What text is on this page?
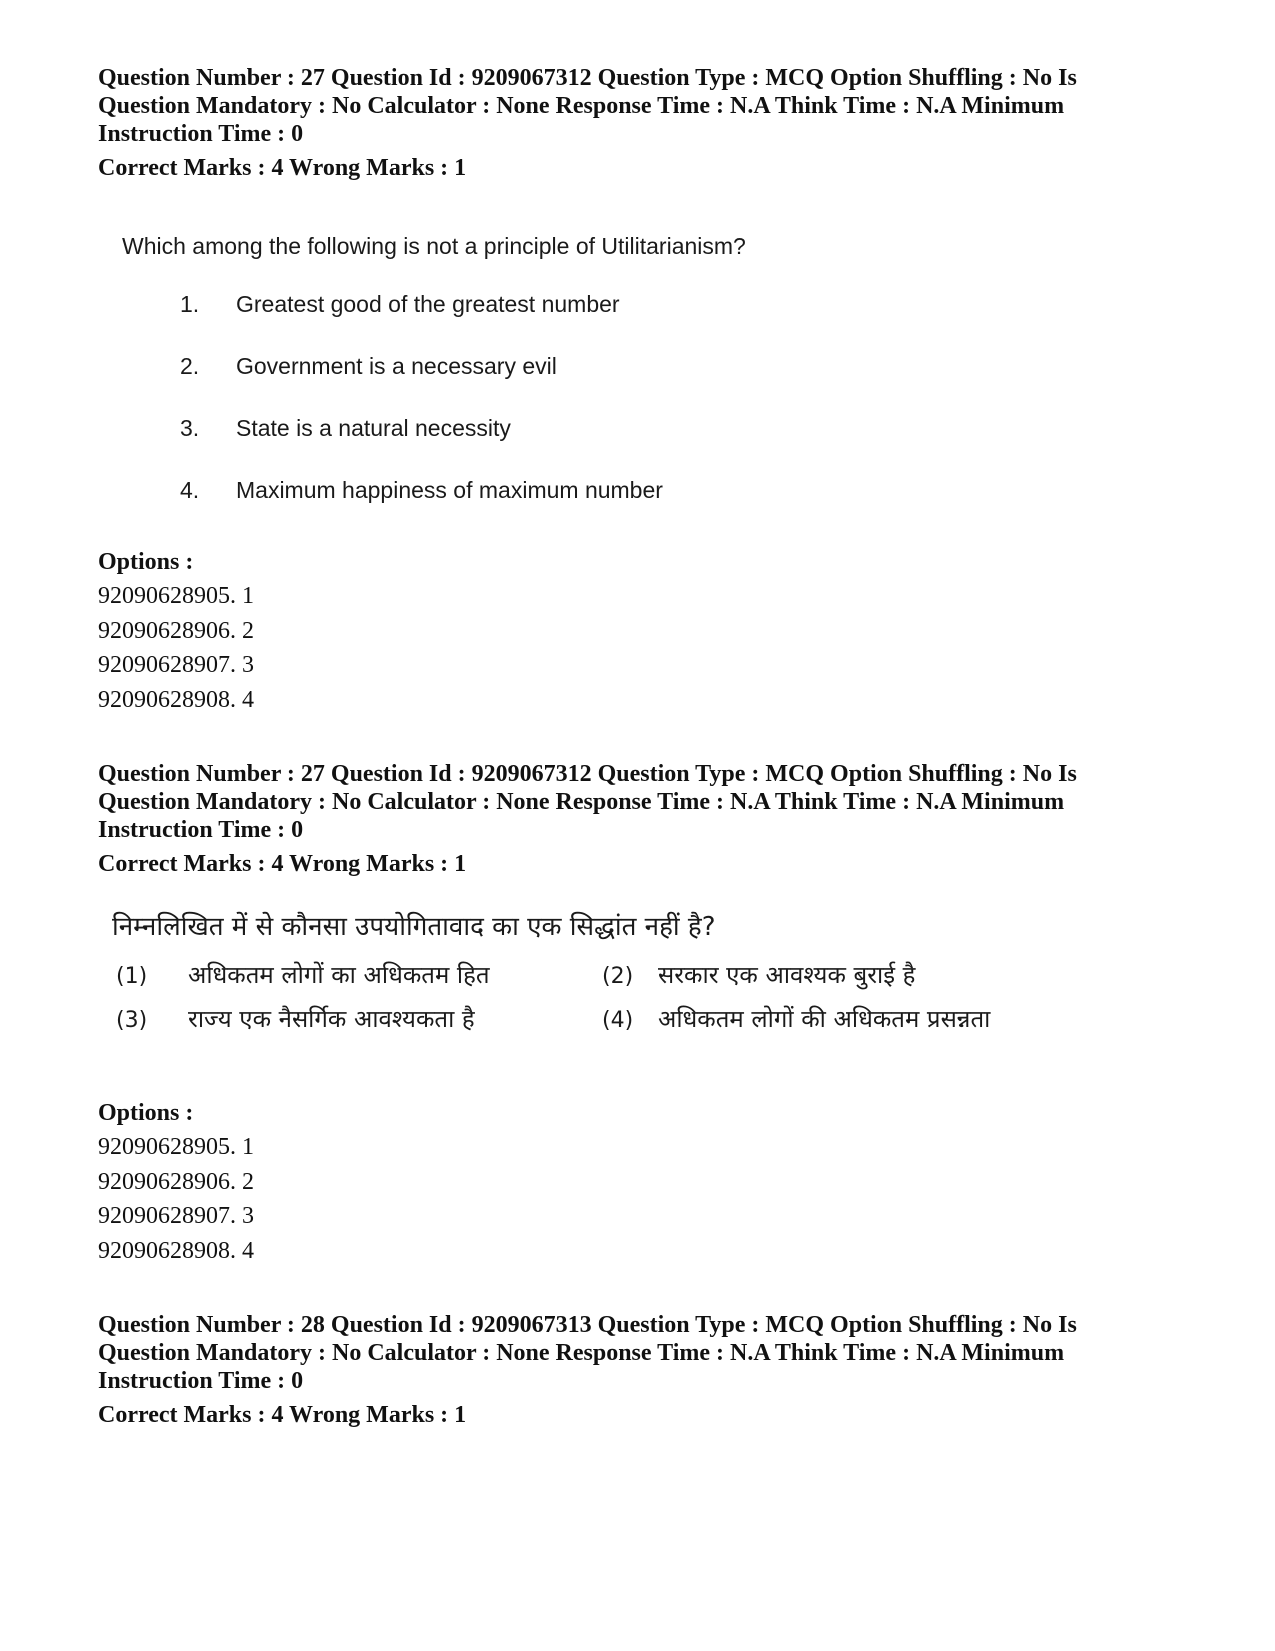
Question Number : 27 Question Id : 9209067312 Question Type : MCQ Option Shuffling : No Is

Question Mandatory : No Calculator : None Response Time : N.A Think Time : N.A Minimum

Instruction Time : 0

Correct Marks : 4 Wrong Marks : 1
Which among the following is not a principle of Utilitarianism?
1. Greatest good of the greatest number
2. Government is a necessary evil
3. State is a natural necessity
4. Maximum happiness of maximum number
Options :
92090628905. 1
92090628906. 2
92090628907. 3
92090628908. 4

Question Number : 27 Question Id : 9209067312 Question Type : MCQ Option Shuffling : No Is

Question Mandatory : No Calculator : None Response Time : N.A Think Time : N.A Minimum

Instruction Time : 0

Correct Marks : 4 Wrong Marks : 1
निम्नलिखित में से कौनसा उपयोगितावाद का एक सिद्धांत नहीं है?
(1) अधिकतम लोगों का अधिकतम हित	(2) सरकार एक आवश्यक बुराई है
(3) राज्य एक नैसर्गिक आवश्यकता है	(4) अधिकतम लोगों की अधिकतम प्रसन्नता
Options :
92090628905. 1
92090628906. 2
92090628907. 3
92090628908. 4

Question Number : 28 Question Id : 9209067313 Question Type : MCQ Option Shuffling : No Is

Question Mandatory : No Calculator : None Response Time : N.A Think Time : N.A Minimum

Instruction Time : 0

Correct Marks : 4 Wrong Marks : 1
